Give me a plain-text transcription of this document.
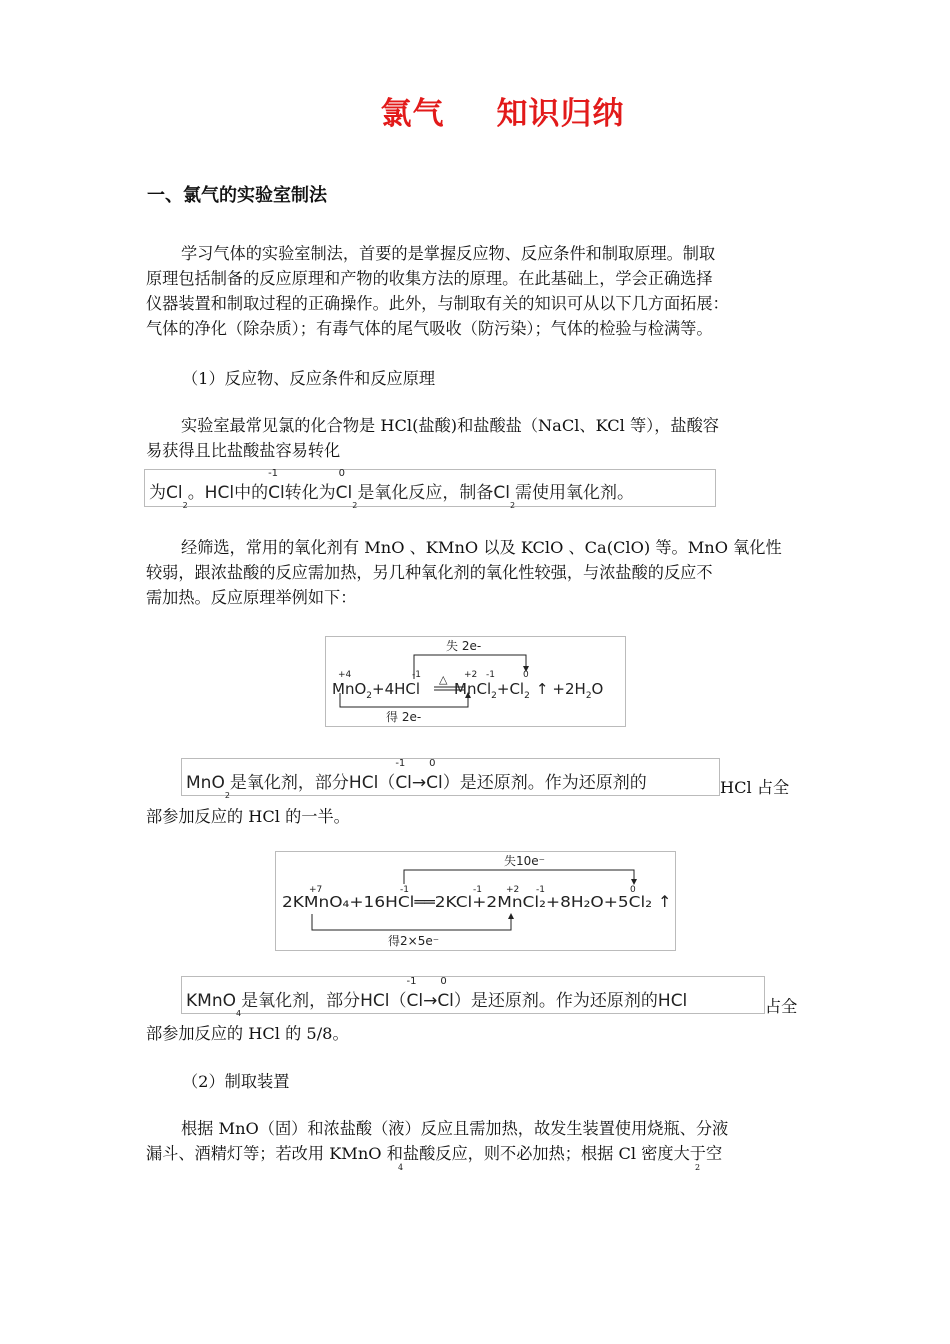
氯气 知识归纳
一、氯气的实验室制法
学习气体的实验室制法，首要的是掌握反应物、反应条件和制取原理。制取
原理包括制备的反应原理和产物的收集方法的原理。在此基础上，学会正确选择
仪器装置和制取过程的正确操作。此外，与制取有关的知识可从以下几方面拓展：
气体的净化（除杂质）；有毒气体的尾气吸收（防污染）；气体的检验与检满等。
（1）反应物、反应条件和反应原理
实验室最常见氯的化合物是 HCl(盐酸)和盐酸盐（NaCl、KCl 等），盐酸容
易获得且比盐酸盐容易转化
为$Cl_2$。HCl中的
-1
Cl转化为
0
$Cl_2$是氧化反应，制备$Cl_2$需使用氧化剂。
经筛选，常用的氧化剂有 MnO 、KMnO 以及 KClO 、Ca(ClO) 等。MnO 氧化性
较弱，跟浓盐酸的反应需加热，另几种氧化剂的氧化性较强，与浓盐酸的反应不
需加热。反应原理举例如下：
失 2e-
得 2e-
+4	-1	+2 -1	0
△
MnO$_2$+4HCl $MnCl_2+Cl_2$ ↑ $+2H_2O$
MnO$_2$是氧化剂，部分HCl（
-1
Cl→
0
Cl）是还原剂。作为还原剂的	HCl 占全
部参加反应的 HCl 的一半。
失10e⁻
得2×5e⁻
+7	-1	-1	+2 -1	0
2KMnO₄+16HCl══2KCl+2MnCl₂+8H₂O+5Cl₂ ↑
KMnO$_4$是氧化剂，部分HCl（
-1
Cl→
0
Cl）是还原剂。作为还原剂的HCl	占全
部参加反应的 HCl 的 5/8。
（2）制取装置
根据 MnO（固）和浓盐酸（液）反应且需加热，故发生装置使用烧瓶、分液
漏斗、酒精灯等；若改用 KMnO 和盐酸反应，则不必加热；根据 Cl 密度大于空
4	2
